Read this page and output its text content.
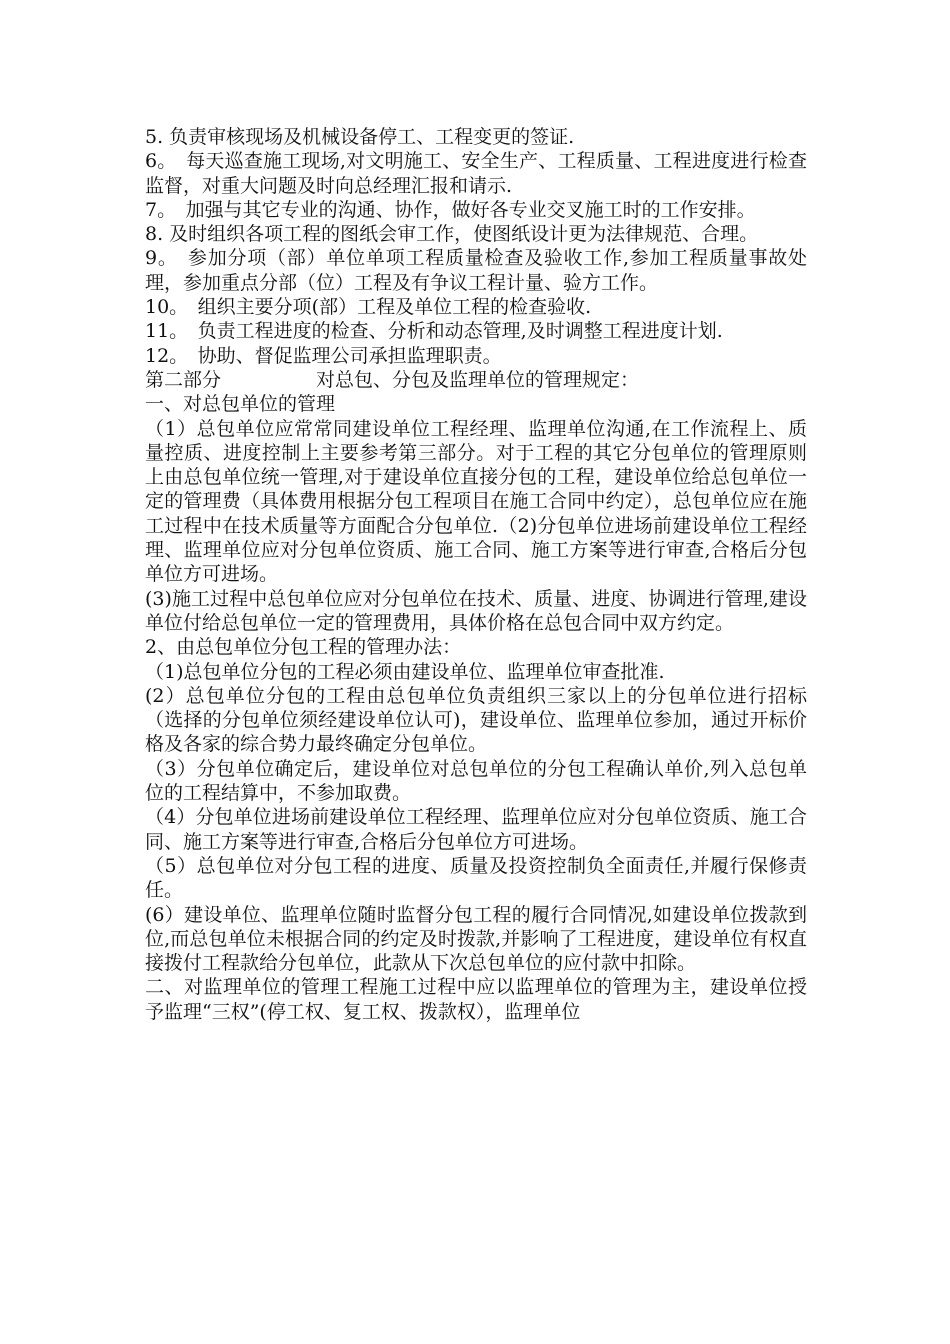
5. 负责审核现场及机械设备停工、工程变更的签证.

6。　每天巡查施工现场,对文明施工、安全生产、工程质量、工程进度进行检查监督，对重大问题及时向总经理汇报和请示.

7。　加强与其它专业的沟通、协作，做好各专业交叉施工时的工作安排。

8. 及时组织各项工程的图纸会审工作，使图纸设计更为法律规范、合理。

9。　参加分项（部）单位单项工程质量检查及验收工作,参加工程质量事故处理，参加重点分部（位）工程及有争议工程计量、验方工作。

10。　组织主要分项(部）工程及单位工程的检查验收.

11。　负责工程进度的检查、分析和动态管理,及时调整工程进度计划.

12。　协助、督促监理公司承担监理职责。

第二部分　　　　　对总包、分包及监理单位的管理规定：

一、对总包单位的管理

（1）总包单位应常常同建设单位工程经理、监理单位沟通,在工作流程上、质量控质、进度控制上主要参考第三部分。对于工程的其它分包单位的管理原则上由总包单位统一管理,对于建设单位直接分包的工程，建设单位给总包单位一定的管理费（具体费用根据分包工程项目在施工合同中约定），总包单位应在施工过程中在技术质量等方面配合分包单位.（2)分包单位进场前建设单位工程经理、监理单位应对分包单位资质、施工合同、施工方案等进行审查,合格后分包单位方可进场。

(3)施工过程中总包单位应对分包单位在技术、质量、进度、协调进行管理,建设单位付给总包单位一定的管理费用，具体价格在总包合同中双方约定。

2、由总包单位分包工程的管理办法：

（1)总包单位分包的工程必须由建设单位、监理单位审查批准.

(2）总包单位分包的工程由总包单位负责组织三家以上的分包单位进行招标（选择的分包单位须经建设单位认可)，建设单位、监理单位参加，通过开标价格及各家的综合势力最终确定分包单位。

（3）分包单位确定后，建设单位对总包单位的分包工程确认单价,列入总包单位的工程结算中，不参加取费。

（4）分包单位进场前建设单位工程经理、监理单位应对分包单位资质、施工合同、施工方案等进行审查,合格后分包单位方可进场。

（5）总包单位对分包工程的进度、质量及投资控制负全面责任,并履行保修责任。

(6）建设单位、监理单位随时监督分包工程的履行合同情况,如建设单位拨款到位,而总包单位未根据合同的约定及时拨款,并影响了工程进度，建设单位有权直接拨付工程款给分包单位，此款从下次总包单位的应付款中扣除。

二、对监理单位的管理工程施工过程中应以监理单位的管理为主，建设单位授予监理“三权”(停工权、复工权、拨款权），监理单位
